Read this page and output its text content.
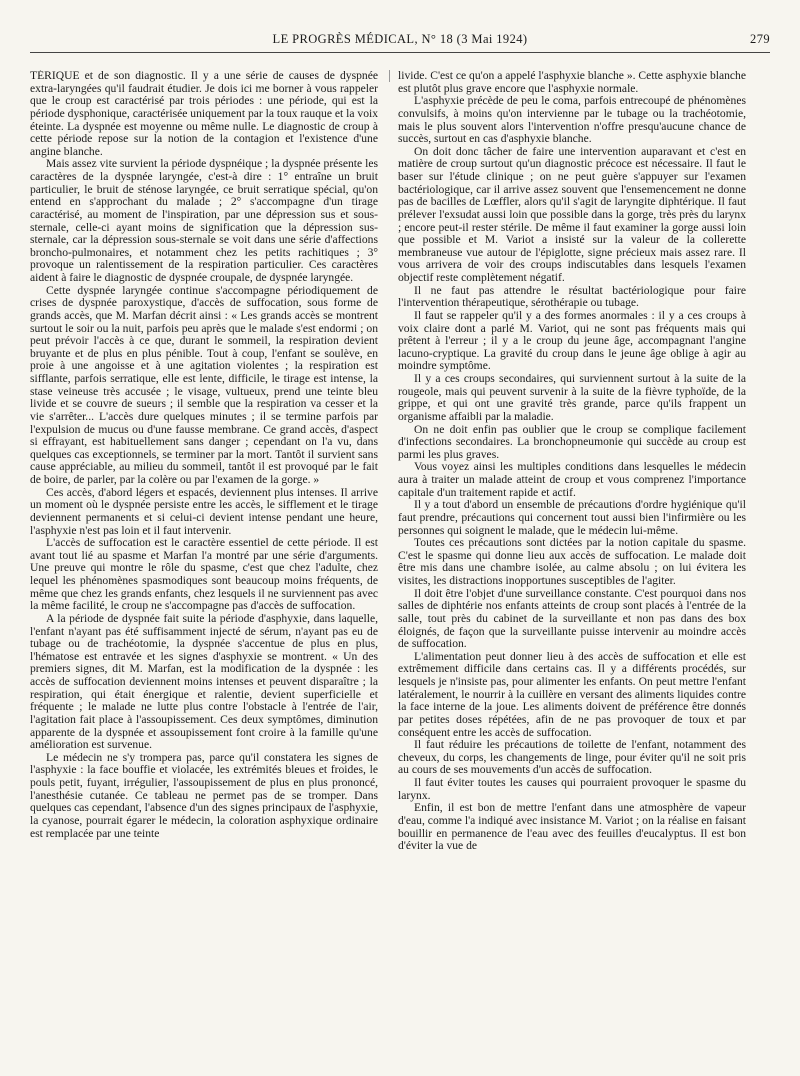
LE PROGRÈS MÉDICAL, N° 18 (3 Mai 1924)	279

TÉRIQUE et de son diagnostic. Il y a une série de causes de dyspnée extra-laryngées qu'il faudrait étudier. Je dois ici me borner à vous rappeler que le croup est caractérisé par trois périodes : une période, qui est la période dysphonique, caractérisée uniquement par la toux rauque et la voix éteinte. La dyspnée est moyenne ou même nulle. Le diagnostic de croup à cette période repose sur la notion de la contagion et l'existence d'une angine blanche.

Mais assez vite survient la période dyspnéique ; la dyspnée présente les caractères de la dyspnée laryngée, c'est-à dire : 1° entraîne un bruit particulier, le bruit de sténose laryngée, ce bruit serratique spécial, qu'on entend en s'approchant du malade ; 2° s'accompagne d'un tirage caractérisé, au moment de l'inspiration, par une dépression sus et sous-sternale, celle-ci ayant moins de signification que la dépression sus-sternale, car la dépression sous-sternale se voit dans une série d'affections broncho-pulmonaires, et notamment chez les petits rachitiques ; 3° provoque un ralentissement de la respiration particulier. Ces caractères aident à faire le diagnostic de dyspnée croupale, de dyspnée laryngée.

Cette dyspnée laryngée continue s'accompagne périodiquement de crises de dyspnée paroxystique, d'accès de suffocation, sous forme de grands accès, que M. Marfan décrit ainsi : « Les grands accès se montrent surtout le soir ou la nuit, parfois peu après que le malade s'est endormi ; on peut prévoir l'accès à ce que, durant le sommeil, la respiration devient bruyante et de plus en plus pénible. Tout à coup, l'enfant se soulève, en proie à une angoisse et à une agitation violentes ; la respiration est sifflante, parfois serratique, elle est lente, difficile, le tirage est intense, la stase veineuse très accusée ; le visage, vultueux, prend une teinte bleu livide et se couvre de sueurs ; il semble que la respiration va cesser et la vie s'arrêter... L'accès dure quelques minutes ; il se termine parfois par l'expulsion de mucus ou d'une fausse membrane. Ce grand accès, d'aspect si effrayant, est habituellement sans danger ; cependant on l'a vu, dans quelques cas exceptionnels, se terminer par la mort. Tantôt il survient sans cause appréciable, au milieu du sommeil, tantôt il est provoqué par le fait de boire, de parler, par la colère ou par l'examen de la gorge. »

Ces accès, d'abord légers et espacés, deviennent plus intenses. Il arrive un moment où le dyspnée persiste entre les accès, le sifflement et le tirage deviennent permanents et si celui-ci devient intense pendant une heure, l'asphyxie n'est pas loin et il faut intervenir.

L'accès de suffocation est le caractère essentiel de cette période. Il est avant tout lié au spasme et Marfan l'a montré par une série d'arguments. Une preuve qui montre le rôle du spasme, c'est que chez l'adulte, chez lequel les phénomènes spasmodiques sont beaucoup moins fréquents, de même que chez les grands enfants, chez lesquels il ne surviennent pas avec la même facilité, le croup ne s'accompagne pas d'accès de suffocation.

A la période de dyspnée fait suite la période d'asphyxie, dans laquelle, l'enfant n'ayant pas été suffisamment injecté de sérum, n'ayant pas eu de tubage ou de trachéotomie, la dyspnée s'accentue de plus en plus, l'hématose est entravée et les signes d'asphyxie se montrent. « Un des premiers signes, dit M. Marfan, est la modification de la dyspnée : les accès de suffocation deviennent moins intenses et peuvent disparaître ; la respiration, qui était énergique et ralentie, devient superficielle et fréquente ; le malade ne lutte plus contre l'obstacle à l'entrée de l'air, l'agitation fait place à l'assoupissement. Ces deux symptômes, diminution apparente de la dyspnée et assoupissement font croire à la famille qu'une amélioration est survenue.

Le médecin ne s'y trompera pas, parce qu'il constatera les signes de l'asphyxie : la face bouffie et violacée, les extrémités bleues et froides, le pouls petit, fuyant, irrégulier, l'assoupissement de plus en plus prononcé, l'anesthésie cutanée. Ce tableau ne permet pas de se tromper. Dans quelques cas cependant, l'absence d'un des signes principaux de l'asphyxie, la cyanose, pourrait égarer le médecin, la coloration asphyxique ordinaire est remplacée par une teinte

livide. C'est ce qu'on a appelé l'asphyxie blanche ». Cette asphyxie blanche est plutôt plus grave encore que l'asphyxie normale.

L'asphyxie précède de peu le coma, parfois entrecoupé de phénomènes convulsifs, à moins qu'on intervienne par le tubage ou la trachéotomie, mais le plus souvent alors l'intervention n'offre presqu'aucune chance de succès, surtout en cas d'asphyxie blanche.

On doit donc tâcher de faire une intervention auparavant et c'est en matière de croup surtout qu'un diagnostic précoce est nécessaire. Il faut le baser sur l'étude clinique ; on ne peut guère s'appuyer sur l'examen bactériologique, car il arrive assez souvent que l'ensemencement ne donne pas de bacilles de Lœffler, alors qu'il s'agit de laryngite diphtérique. Il faut prélever l'exsudat aussi loin que possible dans la gorge, très près du larynx ; encore peut-il rester stérile. De même il faut examiner la gorge aussi loin que possible et M. Variot a insisté sur la valeur de la collerette membraneuse vue autour de l'épiglotte, signe précieux mais assez rare. Il vous arrivera de voir des croups indiscutables dans lesquels l'examen objectif reste complètement négatif.

Il ne faut pas attendre le résultat bactériologique pour faire l'intervention thérapeutique, sérothérapie ou tubage.

Il faut se rappeler qu'il y a des formes anormales : il y a ces croups à voix claire dont a parlé M. Variot, qui ne sont pas fréquents mais qui prêtent à l'erreur ; il y a le croup du jeune âge, accompagnant l'angine lacuno-cryptique. La gravité du croup dans le jeune âge oblige à agir au moindre symptôme.

Il y a ces croups secondaires, qui surviennent surtout à la suite de la rougeole, mais qui peuvent survenir à la suite de la fièvre typhoïde, de la grippe, et qui ont une gravité très grande, parce qu'ils frappent un organisme affaibli par la maladie.

On ne doit enfin pas oublier que le croup se complique facilement d'infections secondaires. La bronchopneumonie qui succède au croup est parmi les plus graves.

Vous voyez ainsi les multiples conditions dans lesquelles le médecin aura à traiter un malade atteint de croup et vous comprenez l'importance capitale d'un traitement rapide et actif.

Il y a tout d'abord un ensemble de précautions d'ordre hygiénique qu'il faut prendre, précautions qui concernent tout aussi bien l'infirmière ou les personnes qui soignent le malade, que le médecin lui-même.

Toutes ces précautions sont dictées par la notion capitale du spasme. C'est le spasme qui donne lieu aux accès de suffocation. Le malade doit être mis dans une chambre isolée, au calme absolu ; on lui évitera les visites, les distractions inopportunes susceptibles de l'agiter.

Il doit être l'objet d'une surveillance constante. C'est pourquoi dans nos salles de diphtérie nos enfants atteints de croup sont placés à l'entrée de la salle, tout près du cabinet de la surveillante et non pas dans des box éloignés, de façon que la surveillante puisse intervenir au moindre accès de suffocation.

L'alimentation peut donner lieu à des accès de suffocation et elle est extrêmement difficile dans certains cas. Il y a différents procédés, sur lesquels je n'insiste pas, pour alimenter les enfants. On peut mettre l'enfant latéralement, le nourrir à la cuillère en versant des aliments liquides contre la face interne de la joue. Les aliments doivent de préférence être donnés par petites doses répétées, afin de ne pas provoquer de toux et par conséquent entre les accès de suffocation.

Il faut réduire les précautions de toilette de l'enfant, notamment des cheveux, du corps, les changements de linge, pour éviter qu'il ne soit pris au cours de ses mouvements d'un accès de suffocation.

Il faut éviter toutes les causes qui pourraient provoquer le spasme du larynx.

Enfin, il est bon de mettre l'enfant dans une atmosphère de vapeur d'eau, comme l'a indiqué avec insistance M. Variot ; on la réalise en faisant bouillir en permanence de l'eau avec des feuilles d'eucalyptus. Il est bon d'éviter la vue de
